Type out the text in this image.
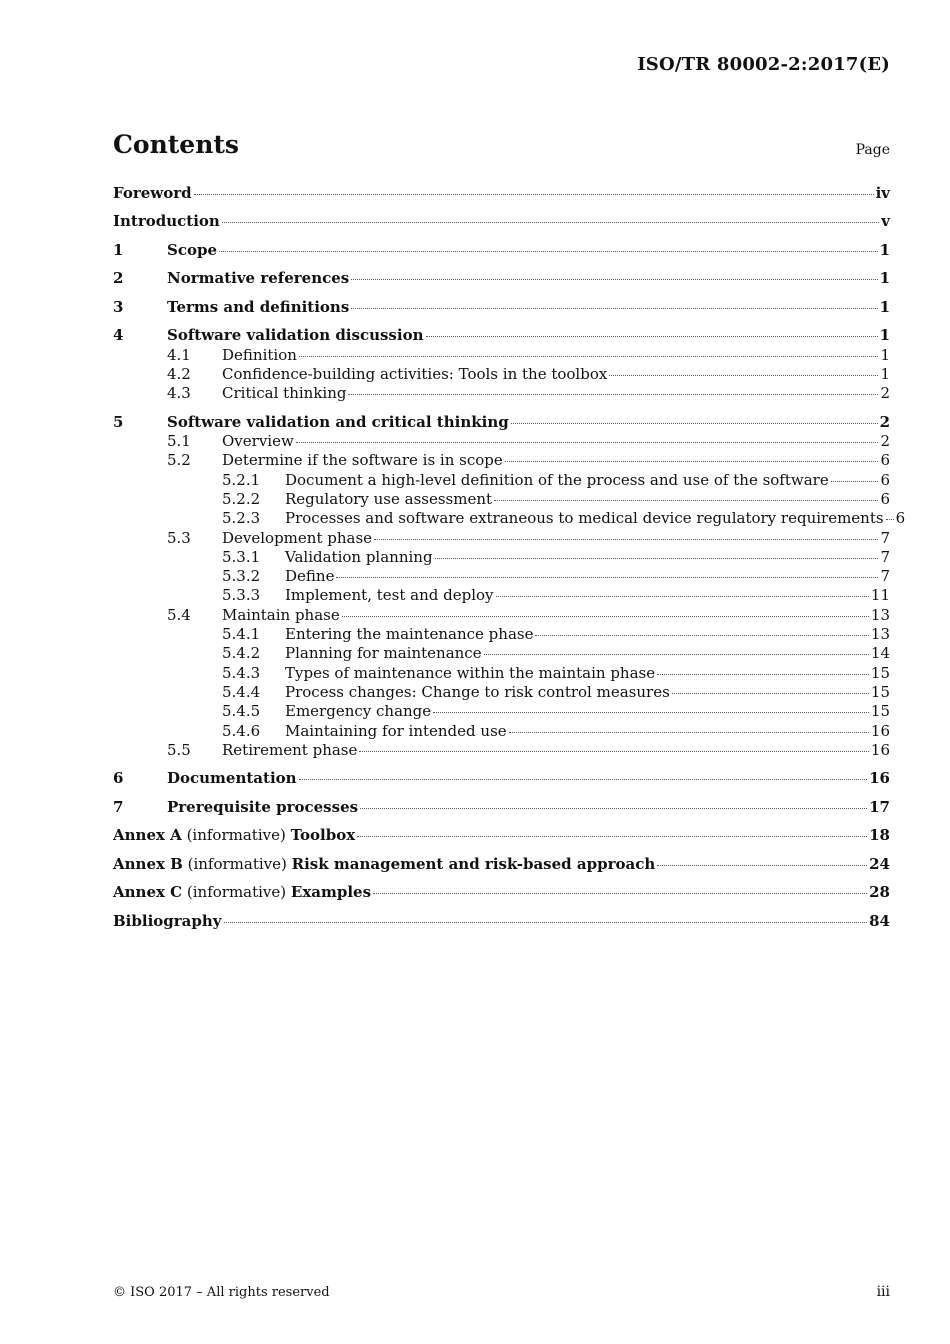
ISO/TR 80002-2:2017(E)
Contents	Page
Foreword	iv
Introduction	v
1	Scope	1
2	Normative references	1
3	Terms and definitions	1
4	Software validation discussion	1
4.1	Definition	1
4.2	Confidence-building activities: Tools in the toolbox	1
4.3	Critical thinking	2
5	Software validation and critical thinking	2
5.1	Overview	2
5.2	Determine if the software is in scope	6
5.2.1	Document a high-level definition of the process and use of the software	6
5.2.2	Regulatory use assessment	6
5.2.3	Processes and software extraneous to medical device regulatory requirements 6
5.3	Development phase	7
5.3.1	Validation planning	7
5.3.2	Define	7
5.3.3	Implement, test and deploy	11
5.4	Maintain phase	13
5.4.1	Entering the maintenance phase	13
5.4.2	Planning for maintenance	14
5.4.3	Types of maintenance within the maintain phase	15
5.4.4	Process changes: Change to risk control measures	15
5.4.5	Emergency change	15
5.4.6	Maintaining for intended use	16
5.5	Retirement phase	16
6	Documentation	16
7	Prerequisite processes	17
Annex A (informative) Toolbox	18
Annex B (informative) Risk management and risk-based approach	24
Annex C (informative) Examples	28
Bibliography	84
© ISO 2017 – All rights reserved	iii
